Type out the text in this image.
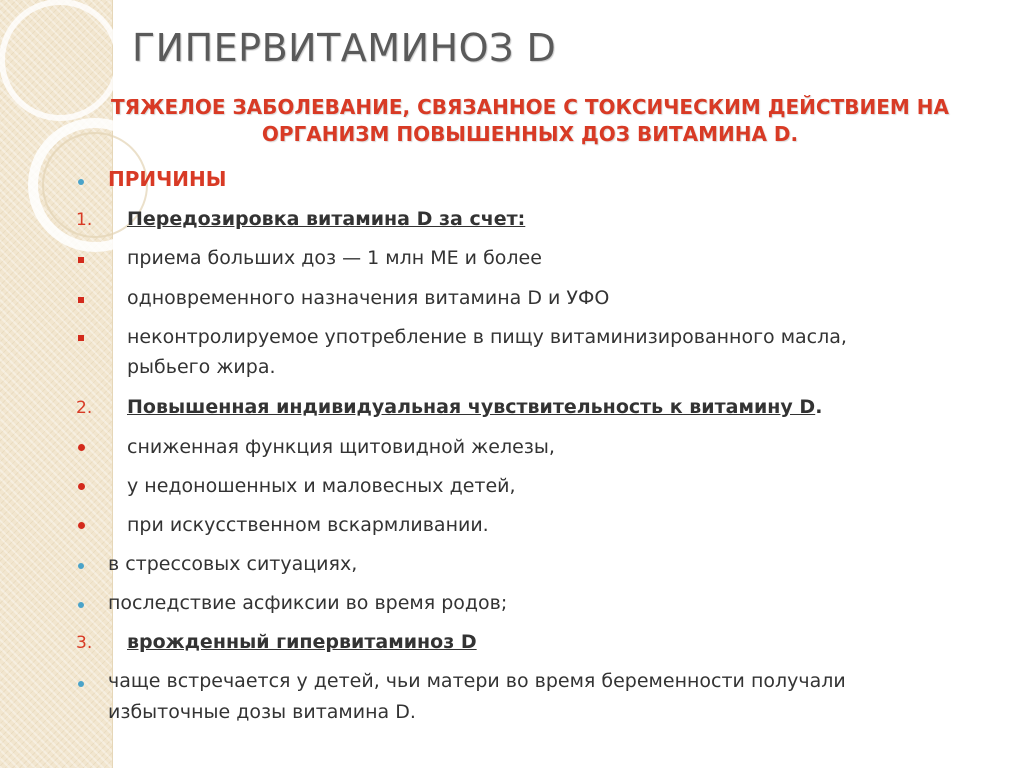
ГИПЕРВИТАМИНОЗ D
ТЯЖЕЛОЕ ЗАБОЛЕВАНИЕ, СВЯЗАННОЕ С ТОКСИЧЕСКИМ ДЕЙСТВИЕМ НА
ОРГАНИЗМ ПОВЫШЕННЫХ ДОЗ ВИТАМИНА D.
ПРИЧИНЫ
1. Передозировка витамина D за счет:
приема больших доз — 1 млн МЕ и более
одновременного назначения витамина D и УФО
неконтролируемое употребление в пищу витаминизированного масла,
рыбьего жира.
2. Повышенная индивидуальная чувствительность к витамину D.
сниженная функция щитовидной железы,
у недоношенных и маловесных детей,
при искусственном вскармливании.
в стрессовых ситуациях,
последствие асфиксии во время родов;
3. врожденный гипервитаминоз D
чаще встречается у детей, чьи матери во время беременности получали
избыточные дозы витамина D.
